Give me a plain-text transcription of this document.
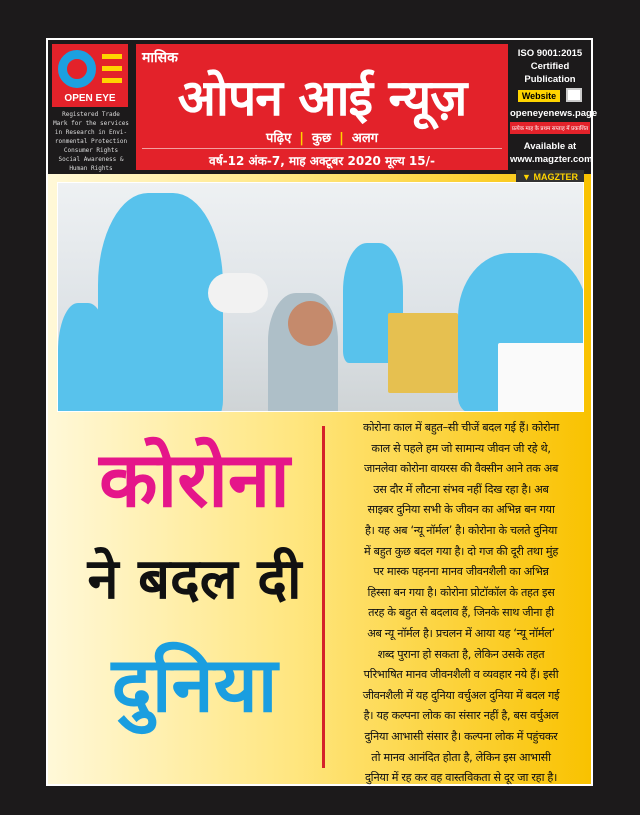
OPEN EYE
Registered Trade
Mark for the services
in Research in Envi-
ronmental Protection
Consumer Rights
Social Awareness &
Human Rights
मासिक
ओपन आई न्यूज़
पढ़िए | कुछ | अलग
वर्ष-12 अंक-7, माह अक्टूबर 2020 मूल्य 15/-
ISO 9001:2015
Certified Publication
Website
openeyenews.page
प्रत्येक माह के प्रथम सप्ताह में प्रकाशित
Available at
www.magzter.com
▼ MAGZTER
कोरोना
ने बदल दी
दुनिया
कोरोना काल में बहुत–सी चीजें बदल गई हैं। कोरोना
काल से पहले हम जो सामान्य जीवन जी रहे थे,
जानलेवा कोरोना वायरस की वैक्सीन आने तक अब
उस दौर में लौटना संभव नहीं दिख रहा है। अब
साइबर दुनिया सभी के जीवन का अभिन्न बन गया
है। यह अब ‘न्यू नॉर्मल’ है। कोरोना के चलते दुनिया
में बहुत कुछ बदल गया है। दो गज की दूरी तथा मुंह
पर मास्क पहनना मानव जीवनशैली का अभिन्न
हिस्सा बन गया है। कोरोना प्रोटॉकॉल के तहत इस
तरह के बहुत से बदलाव हैं, जिनके साथ जीना ही
अब न्यू नॉर्मल है। प्रचलन में आया यह ‘न्यू नॉर्मल’
शब्द पुराना हो सकता है, लेकिन उसके तहत
परिभाषित मानव जीवनशैली व व्यवहार नये हैं। इसी
जीवनशैली में यह दुनिया वर्चुअल दुनिया में बदल गई
है। यह कल्पना लोक का संसार नहीं है, बस वर्चुअल
दुनिया आभासी संसार है। कल्पना लोक में पहुंचकर
तो मानव आनंदित होता है, लेकिन इस आभासी
दुनिया में रह कर वह वास्तविकता से दूर जा रहा है।
